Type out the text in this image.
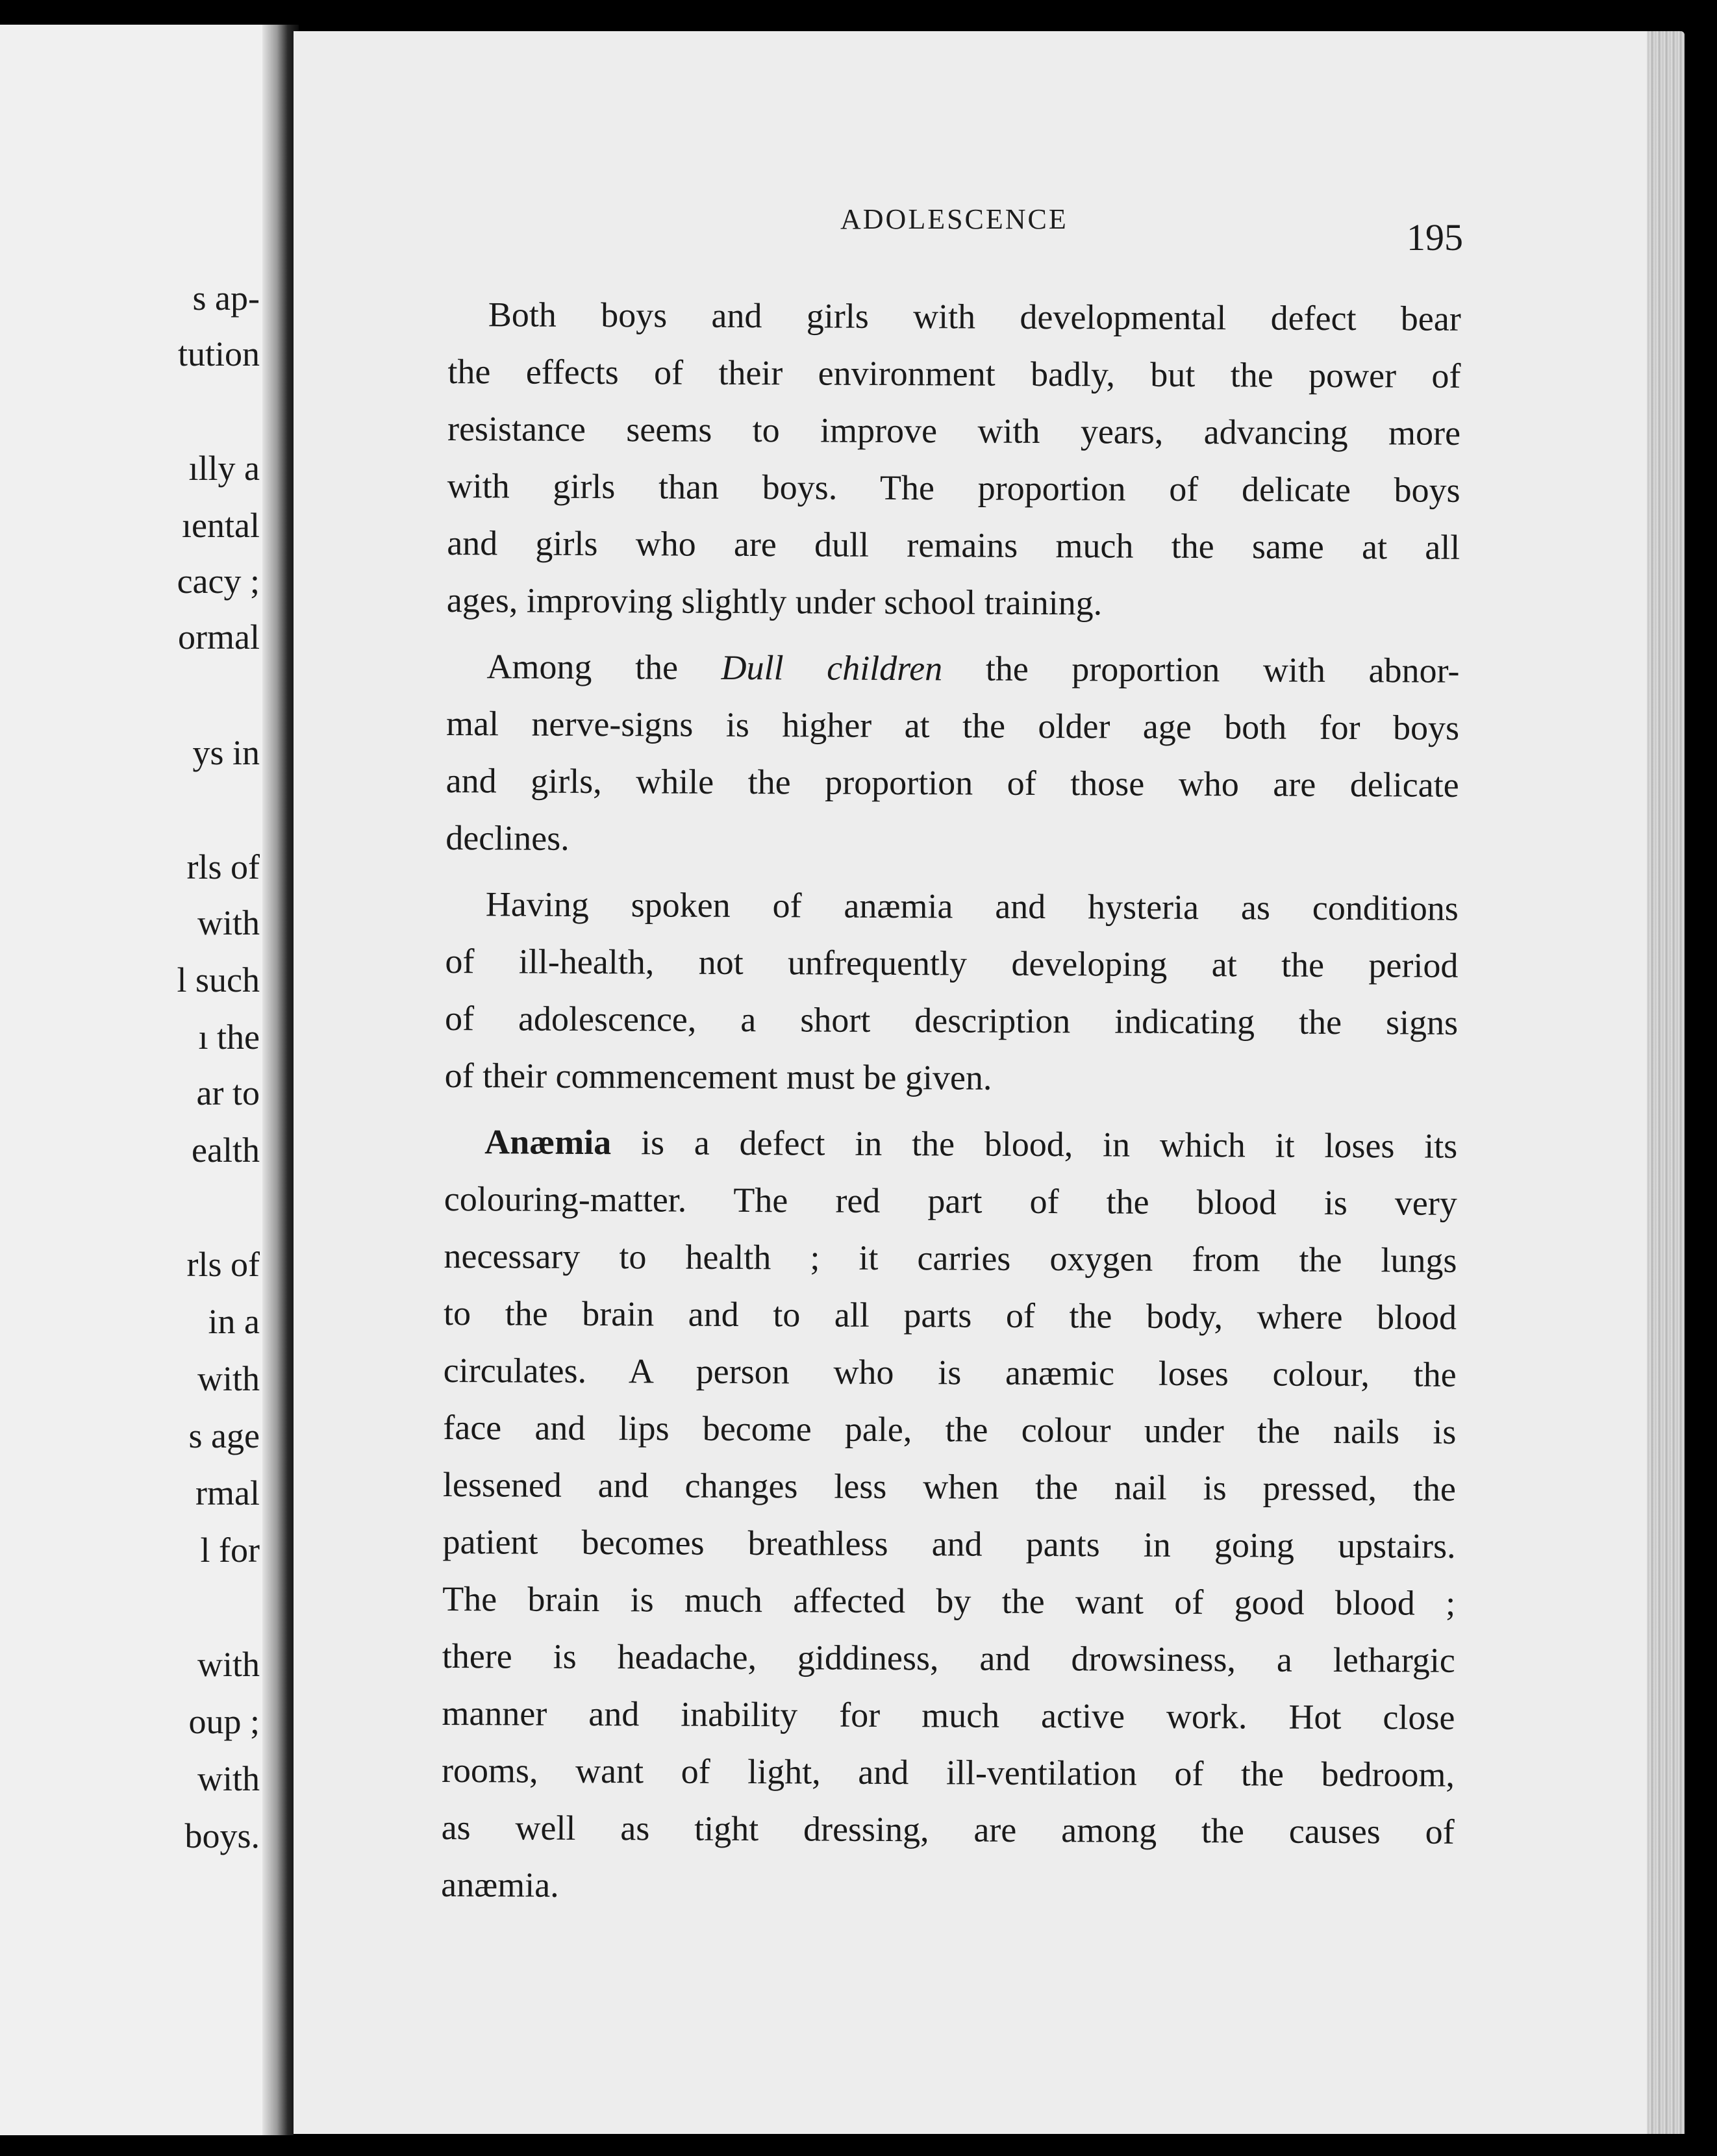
s ap-
tution
ılly a
ıental
cacy ;
ormal
ys in
rls of
with
l such
ı the
ar to
ealth
rls of
in a
with
s age
rmal
l for
with
oup ;
with
boys.
ADOLESCENCE	195
Both boys and girls with developmental defect bear
the effects of their environment badly, but the power of
resistance seems to improve with years, advancing more
with girls than boys. The proportion of delicate boys
and girls who are dull remains much the same at all
ages, improving slightly under school training.
Among the Dull children the proportion with abnor-
mal nerve-signs is higher at the older age both for boys
and girls, while the proportion of those who are delicate
declines.
Having spoken of anæmia and hysteria as conditions
of ill-health, not unfrequently developing at the period
of adolescence, a short description indicating the signs
of their commencement must be given.
Anæmia is a defect in the blood, in which it loses its
colouring-matter. The red part of the blood is very
necessary to health ; it carries oxygen from the lungs
to the brain and to all parts of the body, where blood
circulates. A person who is anæmic loses colour, the
face and lips become pale, the colour under the nails is
lessened and changes less when the nail is pressed, the
patient becomes breathless and pants in going upstairs.
The brain is much affected by the want of good blood ;
there is headache, giddiness, and drowsiness, a lethargic
manner and inability for much active work. Hot close
rooms, want of light, and ill-ventilation of the bedroom,
as well as tight dressing, are among the causes of
anæmia.
